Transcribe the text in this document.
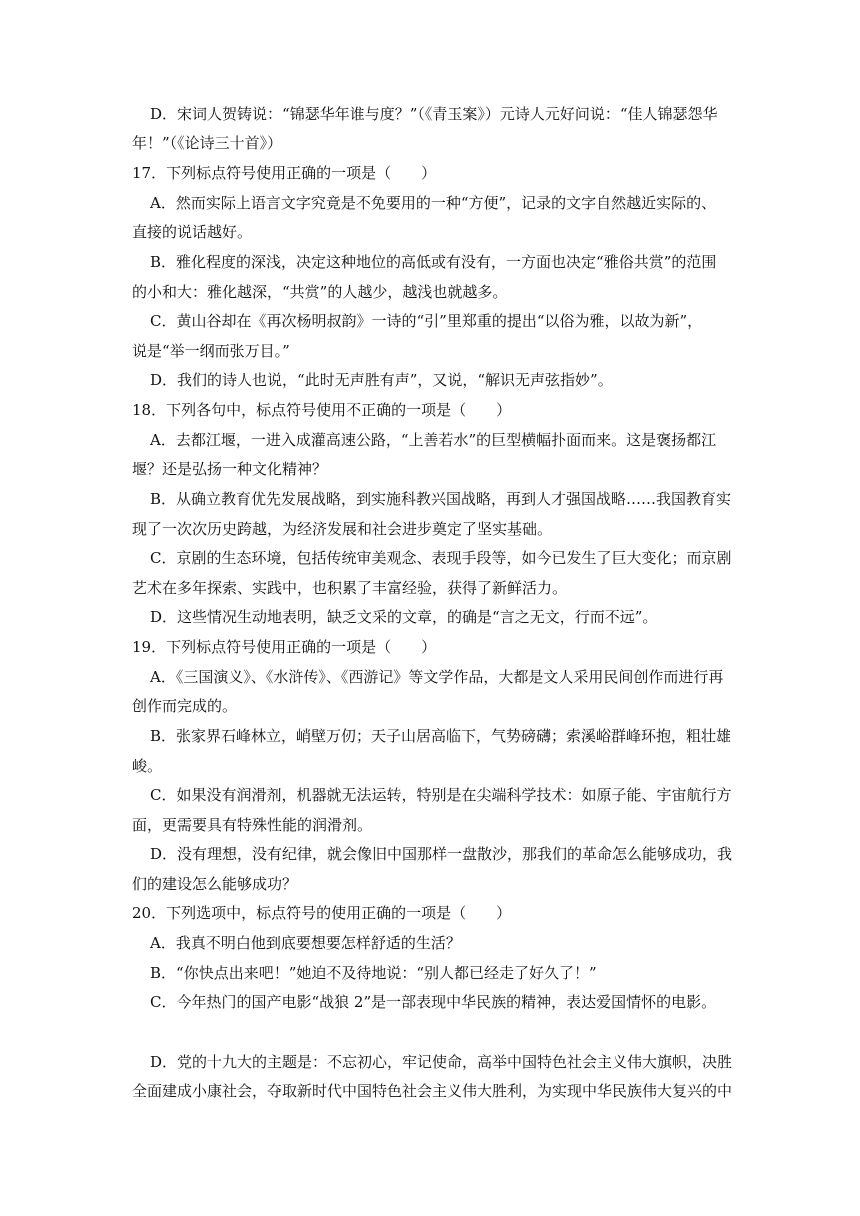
D．宋词人贺铸说：“锦瑟华年谁与度？”（《青玉案》）元诗人元好问说：“佳人锦瑟怨华
年！”（《论诗三十首》）
17．下列标点符号使用正确的一项是（　　）
A．然而实际上语言文字究竟是不免要用的一种“方便”，记录的文字自然越近实际的、
直接的说话越好。
B．雅化程度的深浅，决定这种地位的高低或有没有，一方面也决定“雅俗共赏”的范围
的小和大：雅化越深，“共赏”的人越少，越浅也就越多。
C．黄山谷却在《再次杨明叔韵》一诗的“引”里郑重的提出“以俗为雅，以故为新”，
说是“举一纲而张万目。”
D．我们的诗人也说，“此时无声胜有声”，又说，“解识无声弦指妙”。
18．下列各句中，标点符号使用不正确的一项是（　　）
A．去都江堰，一进入成灌高速公路，“上善若水”的巨型横幅扑面而来。这是褒扬都江
堰？还是弘扬一种文化精神？
B．从确立教育优先发展战略，到实施科教兴国战略，再到人才强国战略……我国教育实
现了一次次历史跨越，为经济发展和社会进步奠定了坚实基础。
C．京剧的生态环境，包括传统审美观念、表现手段等，如今已发生了巨大变化；而京剧
艺术在多年探索、实践中，也积累了丰富经验，获得了新鲜活力。
D．这些情况生动地表明，缺乏文采的文章，的确是“言之无文，行而不远”。
19．下列标点符号使用正确的一项是（　　）
A．《三国演义》、《水浒传》、《西游记》等文学作品，大都是文人采用民间创作而进行再
创作而完成的。
B．张家界石峰林立，峭壁万仞；天子山居高临下，气势磅礴；索溪峪群峰环抱，粗壮雄
峻。
C．如果没有润滑剂，机器就无法运转，特别是在尖端科学技术：如原子能、宇宙航行方
面，更需要具有特殊性能的润滑剂。
D．没有理想，没有纪律，就会像旧中国那样一盘散沙，那我们的革命怎么能够成功，我
们的建设怎么能够成功？
20．下列选项中，标点符号的使用正确的一项是（　　）
A．我真不明白他到底要想要怎样舒适的生活？
B．“你快点出来吧！”她迫不及待地说：“别人都已经走了好久了！”
C．今年热门的国产电影“战狼 2”是一部表现中华民族的精神，表达爱国情怀的电影。
D．党的十九大的主题是：不忘初心，牢记使命，高举中国特色社会主义伟大旗帜，决胜
全面建成小康社会，夺取新时代中国特色社会主义伟大胜利，为实现中华民族伟大复兴的中
